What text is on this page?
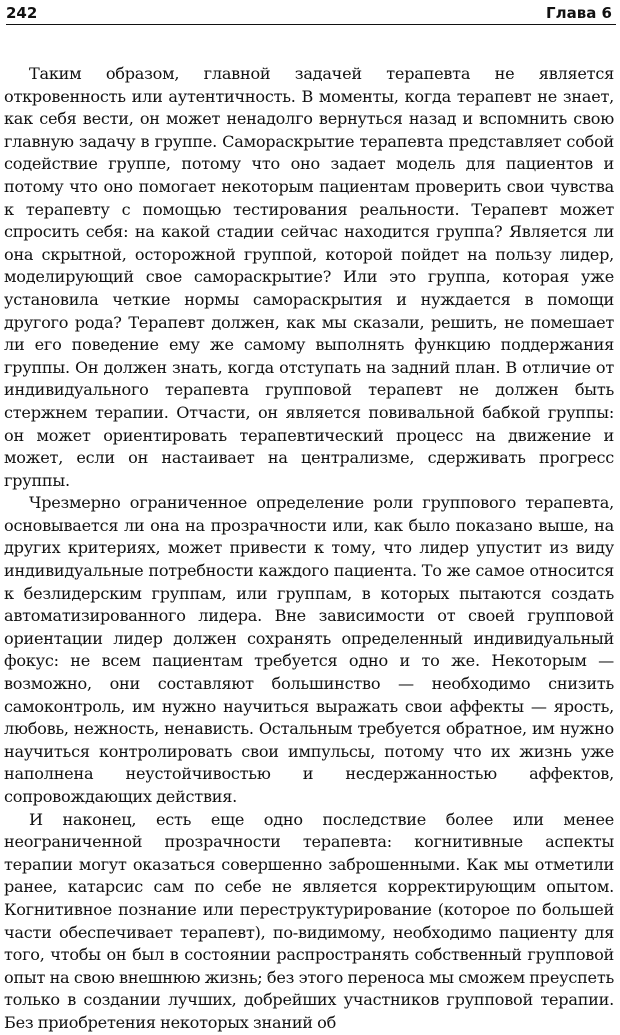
242	Глава 6

Таким образом, главной задачей терапевта не является откровенность или аутентичность. В моменты, когда терапевт не знает, как себя вести, он может ненадолго вернуться назад и вспомнить свою главную задачу в группе. Самораскрытие терапевта представляет собой содействие группе, потому что оно задает модель для пациентов и потому что оно помогает некоторым пациентам проверить свои чувства к терапевту с помощью тестирования реальности. Терапевт может спросить себя: на какой стадии сейчас находится группа? Является ли она скрытной, осторожной группой, которой пойдет на пользу лидер, моделирующий свое самораскрытие? Или это группа, которая уже установила четкие нормы самораскрытия и нуждается в помощи другого рода? Терапевт должен, как мы сказали, решить, не помешает ли его поведение ему же самому выполнять функцию поддержания группы. Он должен знать, когда отступать на задний план. В отличие от индивидуального терапевта групповой терапевт не должен быть стержнем терапии. Отчасти, он является повивальной бабкой группы: он может ориентировать терапевтический процесс на движение и может, если он настаивает на централизме, сдерживать прогресс группы.

Чрезмерно ограниченное определение роли группового терапевта, основывается ли она на прозрачности или, как было показано выше, на других критериях, может привести к тому, что лидер упустит из виду индивидуальные потребности каждого пациента. То же самое относится к безлидерским группам, или группам, в которых пытаются создать автоматизированного лидера. Вне зависимости от своей групповой ориентации лидер должен сохранять определенный индивидуальный фокус: не всем пациентам требуется одно и то же. Некоторым — возможно, они составляют большинство — необходимо снизить самоконтроль, им нужно научиться выражать свои аффекты — ярость, любовь, нежность, ненависть. Остальным требуется обратное, им нужно научиться контролировать свои импульсы, потому что их жизнь уже наполнена неустойчивостью и несдержанностью аффектов, сопровождающих действия.

И наконец, есть еще одно последствие более или менее неограниченной прозрачности терапевта: когнитивные аспекты терапии могут оказаться совершенно заброшенными. Как мы отметили ранее, катарсис сам по себе не является корректирующим опытом. Когнитивное познание или переструктурирование (которое по большей части обеспечивает терапевт), по-видимому, необходимо пациенту для того, чтобы он был в состоянии распространять собственный групповой опыт на свою внешнюю жизнь; без этого переноса мы сможем преуспеть только в создании лучших, добрейших участников групповой терапии. Без приобретения некоторых знаний об
